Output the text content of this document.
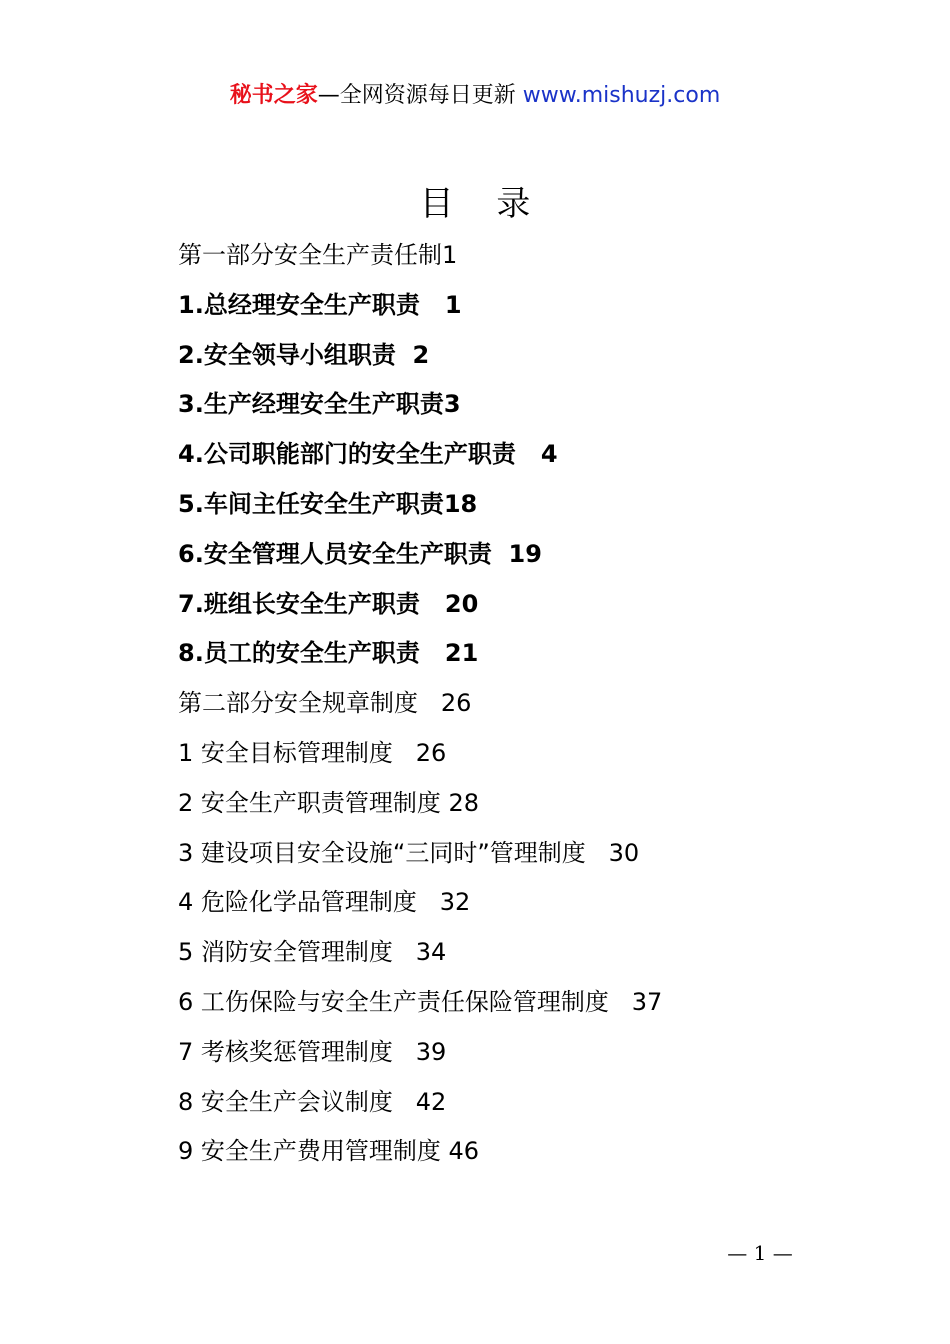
秘书之家—全网资源每日更新 www.mishuzj.com
目 录
第一部分安全生产责任制1
1.总经理安全生产职责   1
2.安全领导小组职责  2
3.生产经理安全生产职责3
4.公司职能部门的安全生产职责   4
5.车间主任安全生产职责18
6.安全管理人员安全生产职责  19
7.班组长安全生产职责   20
8.员工的安全生产职责   21
第二部分安全规章制度   26
1 安全目标管理制度   26
2 安全生产职责管理制度 28
3 建设项目安全设施“三同时”管理制度   30
4 危险化学品管理制度   32
5 消防安全管理制度   34
6 工伤保险与安全生产责任保险管理制度   37
7 考核奖惩管理制度   39
8 安全生产会议制度   42
9 安全生产费用管理制度 46
— 1 —
